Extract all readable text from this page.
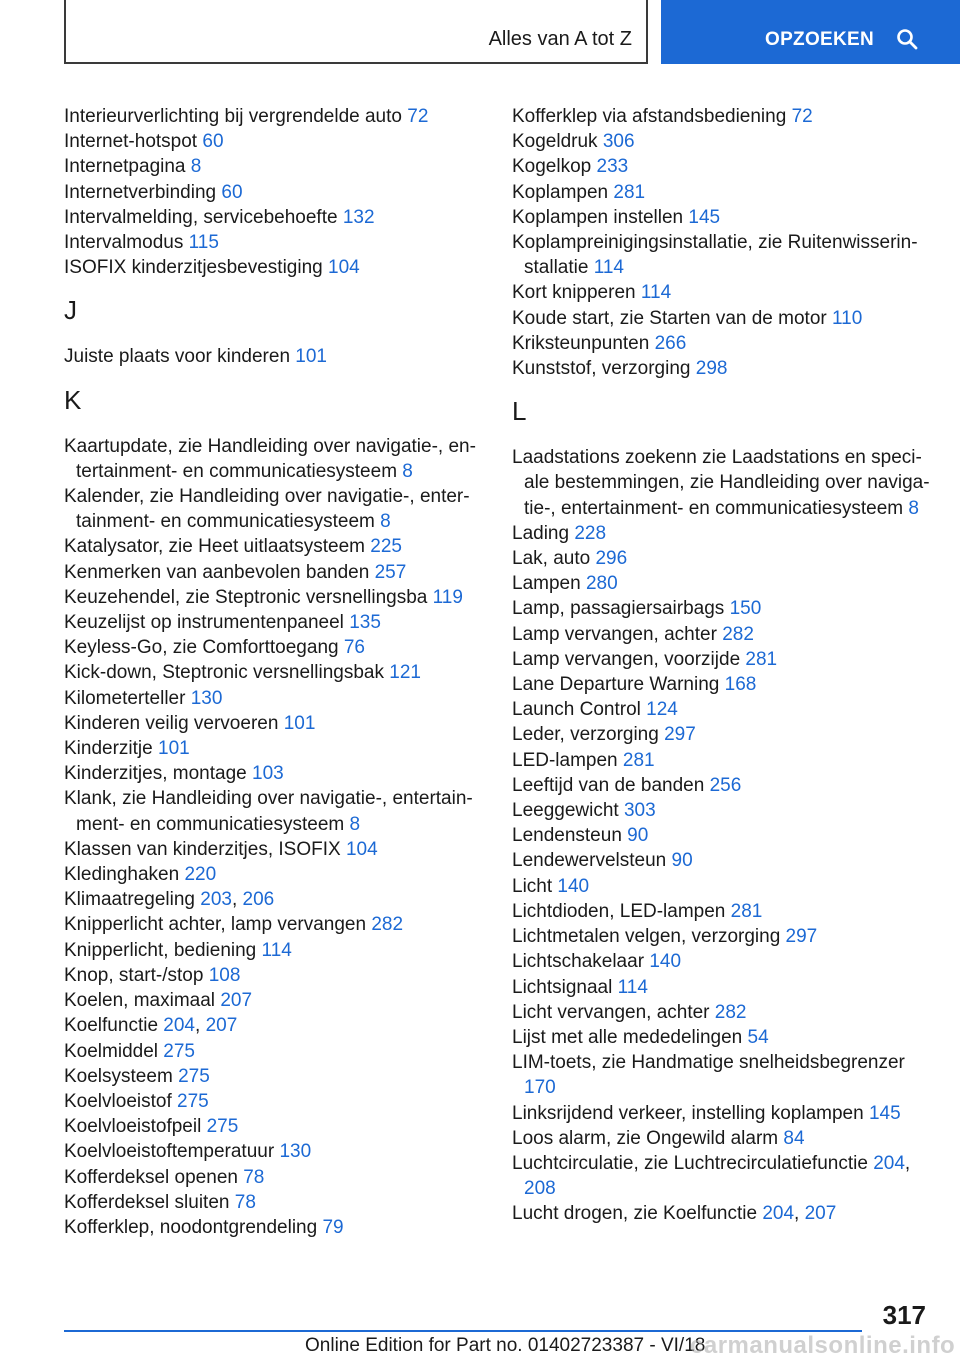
Alles van A tot Z	OPZOEKEN
Interieurverlichting bij vergrendelde auto 72
Internet-hotspot 60
Internetpagina 8
Internetverbinding 60
Intervalmelding, servicebehoefte 132
Intervalmodus 115
ISOFIX kinderzitjesbevestiging 104
J
Juiste plaats voor kinderen 101
K
Kaartupdate, zie Handleiding over navigatie-, entertainment- en communicatiesysteem 8
Kalender, zie Handleiding over navigatie-, entertainment- en communicatiesysteem 8
Katalysator, zie Heet uitlaatsysteem 225
Kenmerken van aanbevolen banden 257
Keuzehendel, zie Steptronic versnellingsba 119
Keuzelijst op instrumentenpaneel 135
Keyless-Go, zie Comforttoegang 76
Kick-down, Steptronic versnellingsbak 121
Kilometerteller 130
Kinderen veilig vervoeren 101
Kinderzitje 101
Kinderzitjes, montage 103
Klank, zie Handleiding over navigatie-, entertainment- en communicatiesysteem 8
Klassen van kinderzitjes, ISOFIX 104
Kledinghaken 220
Klimaatregeling 203, 206
Knipperlicht achter, lamp vervangen 282
Knipperlicht, bediening 114
Knop, start-/stop 108
Koelen, maximaal 207
Koelfunctie 204, 207
Koelmiddel 275
Koelsysteem 275
Koelvloeistof 275
Koelvloeistofpeil 275
Koelvloeistoftemperatuur 130
Kofferdeksel openen 78
Kofferdeksel sluiten 78
Kofferklep, noodontgrendeling 79
Kofferklep via afstandsbediening 72
Kogeldruk 306
Kogelkop 233
Koplampen 281
Koplampen instellen 145
Koplampreinigingsinstallatie, zie Ruitenwisserinstallatie 114
Kort knipperen 114
Koude start, zie Starten van de motor 110
Kriksteunpunten 266
Kunststof, verzorging 298
L
Laadstations zoekenn zie Laadstations en speciale bestemmingen, zie Handleiding over navigatie-, entertainment- en communicatiesysteem 8
Lading 228
Lak, auto 296
Lampen 280
Lamp, passagiersairbags 150
Lamp vervangen, achter 282
Lamp vervangen, voorzijde 281
Lane Departure Warning 168
Launch Control 124
Leder, verzorging 297
LED-lampen 281
Leeftijd van de banden 256
Leeggewicht 303
Lendensteun 90
Lendewervelsteun 90
Licht 140
Lichtdioden, LED-lampen 281
Lichtmetalen velgen, verzorging 297
Lichtschakelaar 140
Lichtsignaal 114
Licht vervangen, achter 282
Lijst met alle mededelingen 54
LIM-toets, zie Handmatige snelheidsbegrenzer 170
Linksrijdend verkeer, instelling koplampen 145
Loos alarm, zie Ongewild alarm 84
Luchtcirculatie, zie Luchtrecirculatiefunctie 204, 208
Lucht drogen, zie Koelfunctie 204, 207
317
Online Edition for Part no. 01402723387 - VI/18
carmanualsonline.info
